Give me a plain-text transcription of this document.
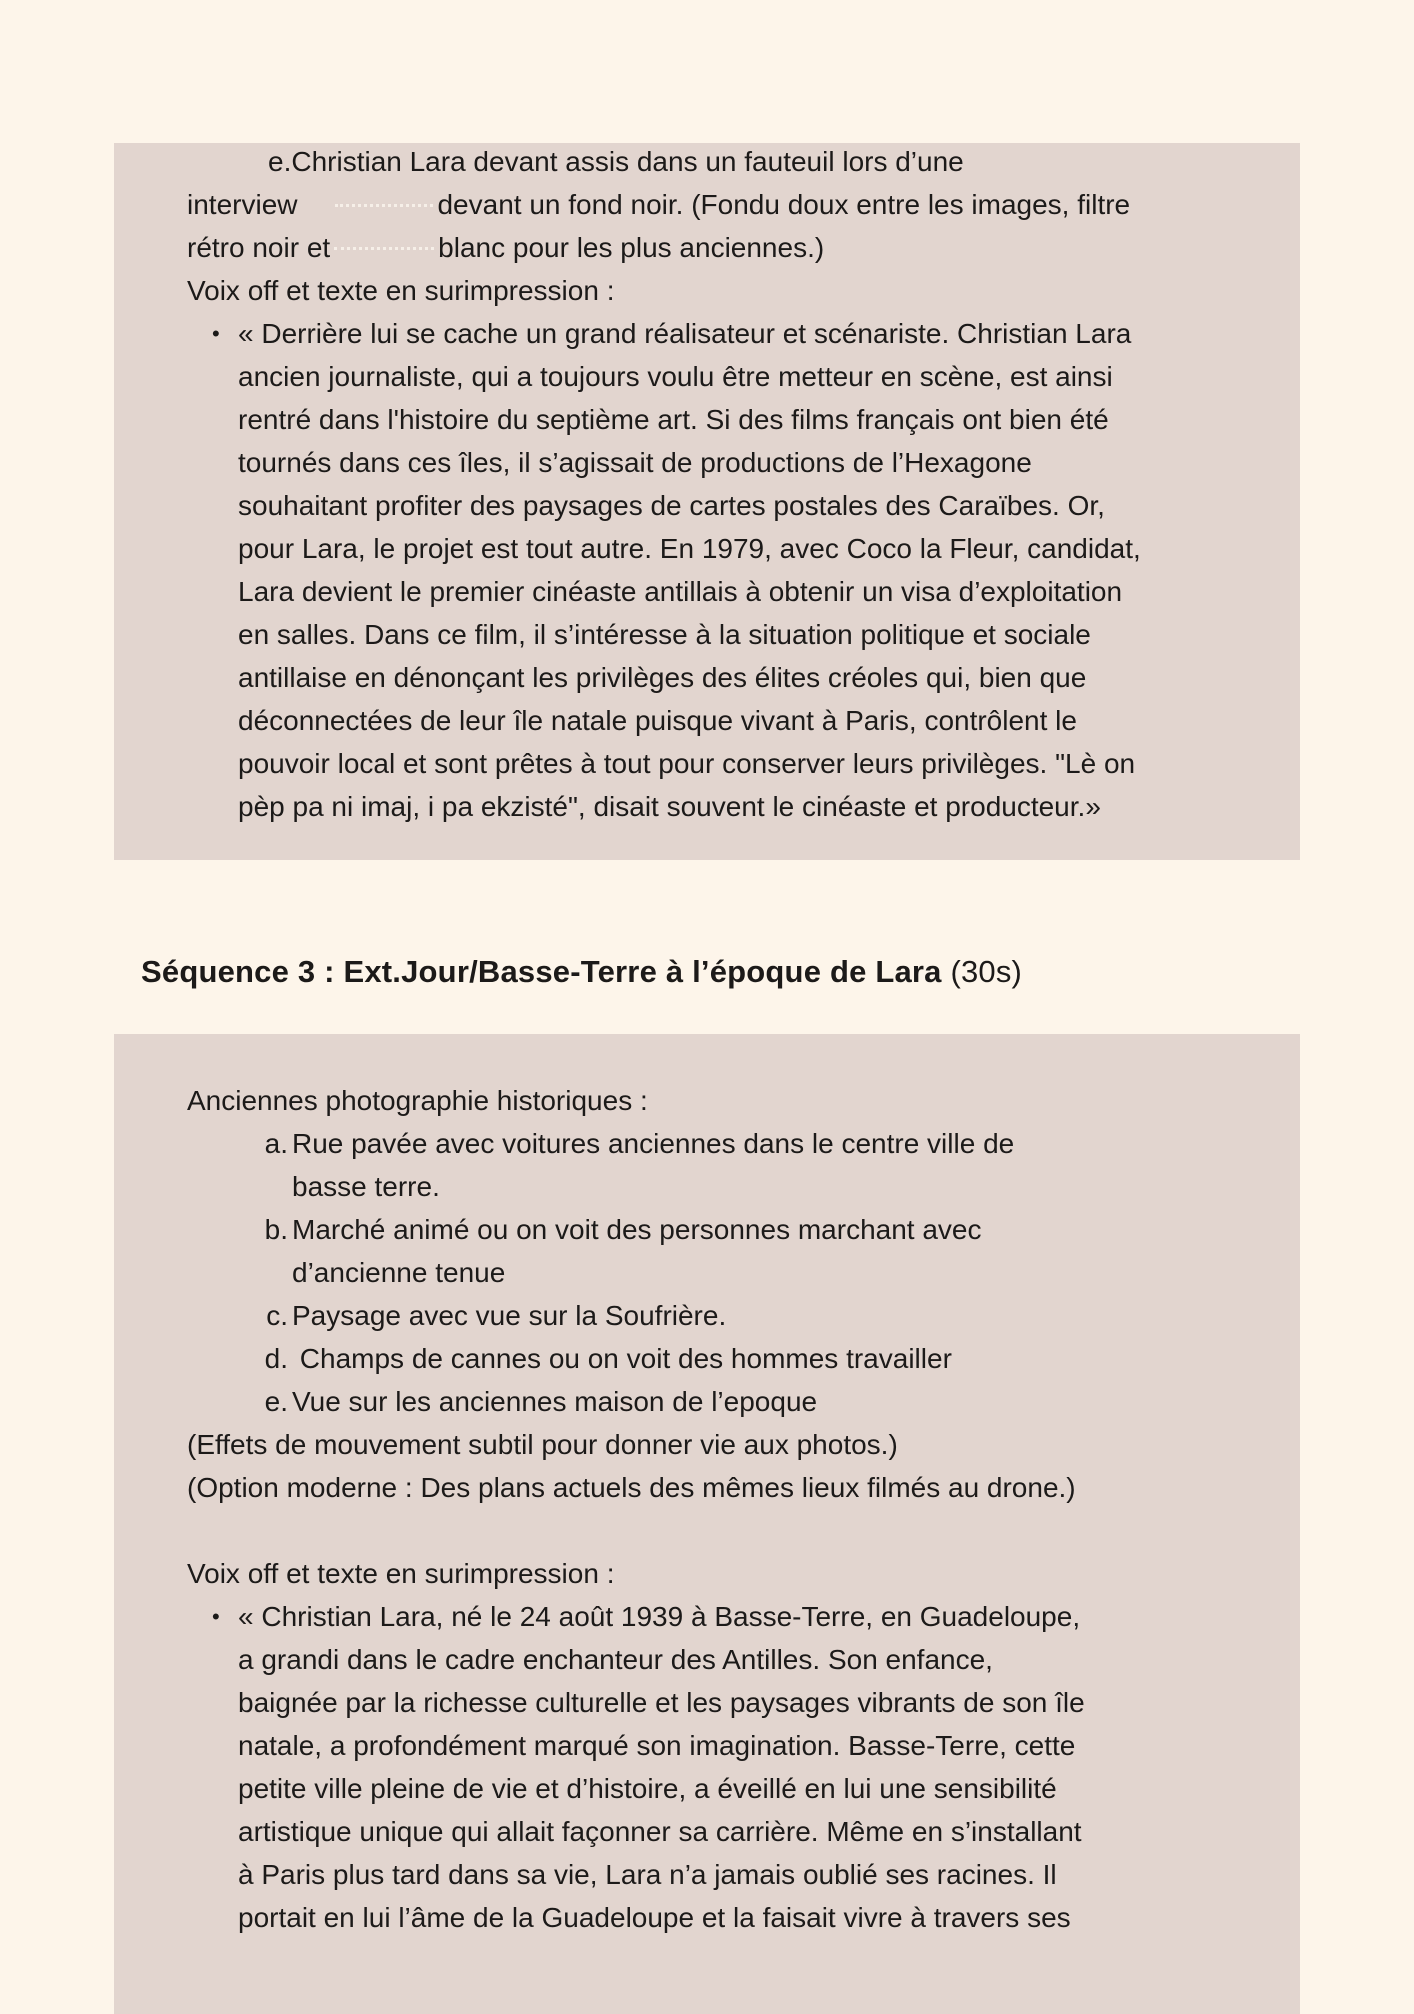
e.Christian Lara devant assis dans un fauteuil lors d’une
interview	devant un fond noir. (Fondu doux entre les images, filtre
rétro noir et	blanc pour les plus anciennes.)
Voix off et texte en surimpression :
• « Derrière lui se cache un grand réalisateur et scénariste. Christian Lara
ancien journaliste, qui a toujours voulu être metteur en scène, est ainsi
rentré dans l'histoire du septième art. Si des films français ont bien été
tournés dans ces îles, il s’agissait de productions de l’Hexagone
souhaitant profiter des paysages de cartes postales des Caraïbes. Or,
pour Lara, le projet est tout autre. En 1979, avec Coco la Fleur, candidat,
Lara devient le premier cinéaste antillais à obtenir un visa d’exploitation
en salles. Dans ce film, il s’intéresse à la situation politique et sociale
antillaise en dénonçant les privilèges des élites créoles qui, bien que
déconnectées de leur île natale puisque vivant à Paris, contrôlent le
pouvoir local et sont prêtes à tout pour conserver leurs privilèges. "Lè on
pèp pa ni imaj, i pa ekzisté", disait souvent le cinéaste et producteur.»
Séquence 3 : Ext.Jour/Basse-Terre à l’époque de Lara (30s)
Anciennes photographie historiques :
a. Rue pavée avec voitures anciennes dans le centre ville de
basse terre.
b. Marché animé ou on voit des personnes marchant avec
d’ancienne tenue
c. Paysage avec vue sur la Soufrière.
d. Champs de cannes ou on voit des hommes travailler
e. Vue sur les anciennes maison de l’epoque
(Effets de mouvement subtil pour donner vie aux photos.)
(Option moderne : Des plans actuels des mêmes lieux filmés au drone.)
Voix off et texte en surimpression :
• « Christian Lara, né le 24 août 1939 à Basse-Terre, en Guadeloupe,
a grandi dans le cadre enchanteur des Antilles. Son enfance,
baignée par la richesse culturelle et les paysages vibrants de son île
natale, a profondément marqué son imagination. Basse-Terre, cette
petite ville pleine de vie et d’histoire, a éveillé en lui une sensibilité
artistique unique qui allait façonner sa carrière. Même en s’installant
à Paris plus tard dans sa vie, Lara n’a jamais oublié ses racines. Il
portait en lui l’âme de la Guadeloupe et la faisait vivre à travers ses
